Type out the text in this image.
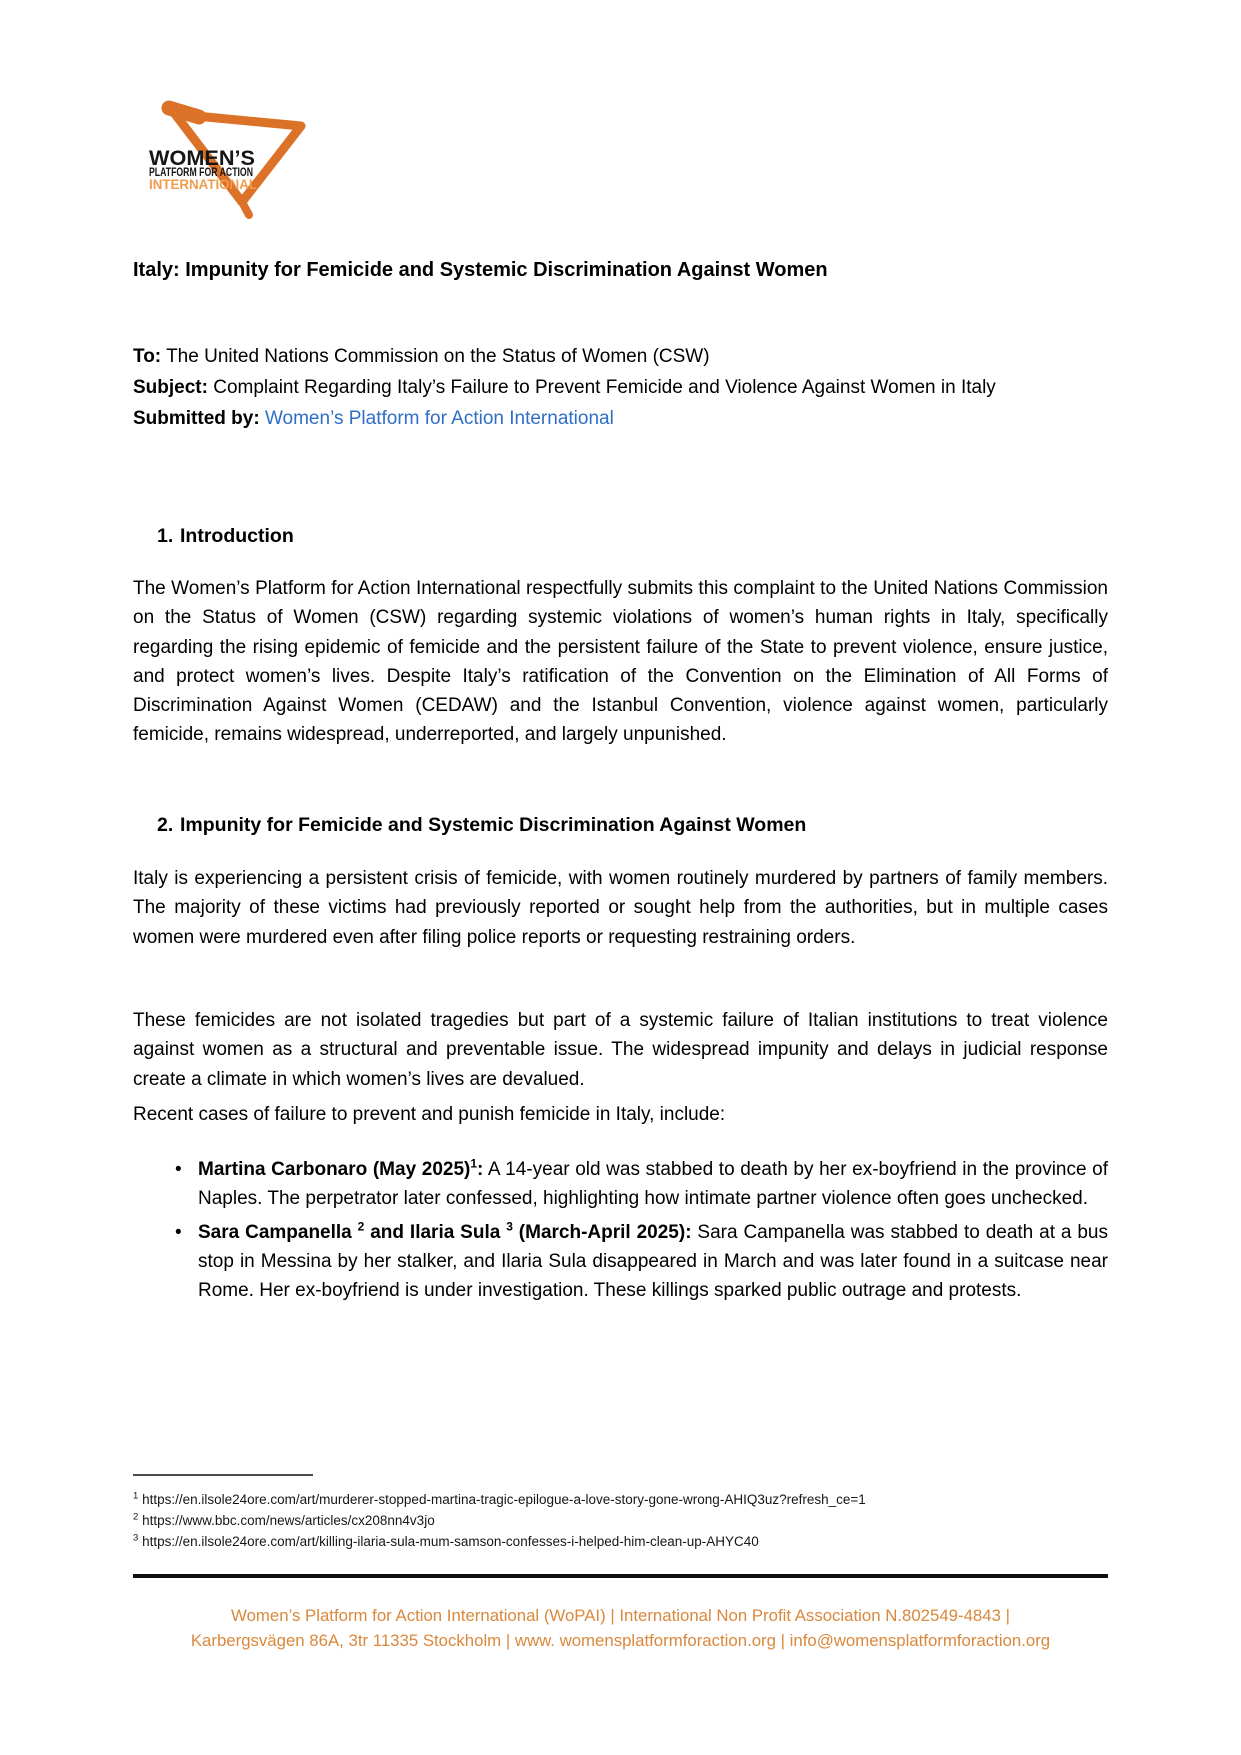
WOMEN’S
PLATFORM FOR ACTION
INTERNATIONAL
Italy: Impunity for Femicide and Systemic Discrimination Against Women

To: The United Nations Commission on the Status of Women (CSW)

Subject: Complaint Regarding Italy’s Failure to Prevent Femicide and Violence Against Women in Italy

Submitted by: Women’s Platform for Action International

1. Introduction

The Women’s Platform for Action International respectfully submits this complaint to the United Nations Commission on the Status of Women (CSW) regarding systemic violations of women’s human rights in Italy, specifically regarding the rising epidemic of femicide and the persistent failure of the State to prevent violence, ensure justice, and protect women’s lives. Despite Italy’s ratification of the Convention on the Elimination of All Forms of Discrimination Against Women (CEDAW) and the Istanbul Convention, violence against women, particularly femicide, remains widespread, underreported, and largely unpunished.

2. Impunity for Femicide and Systemic Discrimination Against Women

Italy is experiencing a persistent crisis of femicide, with women routinely murdered by partners of family members. The majority of these victims had previously reported or sought help from the authorities, but in multiple cases women were murdered even after filing police reports or requesting restraining orders.

These femicides are not isolated tragedies but part of a systemic failure of Italian institutions to treat violence against women as a structural and preventable issue. The widespread impunity and delays in judicial response create a climate in which women’s lives are devalued.

Recent cases of failure to prevent and punish femicide in Italy, include:

• Martina Carbonaro (May 2025)$^1$: A 14-year old was stabbed to death by her ex-boyfriend in the province of Naples. The perpetrator later confessed, highlighting how intimate partner violence often goes unchecked.
• Sara Campanella $^2$ and Ilaria Sula $^3$ (March-April 2025): Sara Campanella was stabbed to death at a bus stop in Messina by her stalker, and Ilaria Sula disappeared in March and was later found in a suitcase near Rome. Her ex-boyfriend is under investigation. These killings sparked public outrage and protests.

$^1$ https://en.ilsole24ore.com/art/murderer-stopped-martina-tragic-epilogue-a-love-story-gone-wrong-AHIQ3uz?refresh_ce=1

$^2$ https://www.bbc.com/news/articles/cx208nn4v3jo

$^3$ https://en.ilsole24ore.com/art/killing-ilaria-sula-mum-samson-confesses-i-helped-him-clean-up-AHYC40

Women’s Platform for Action International (WoPAI) | International Non Profit Association N.802549-4843 |
Karbergsvägen 86A, 3tr 11335 Stockholm | www. womensplatformforaction.org | info@womensplatformforaction.org
